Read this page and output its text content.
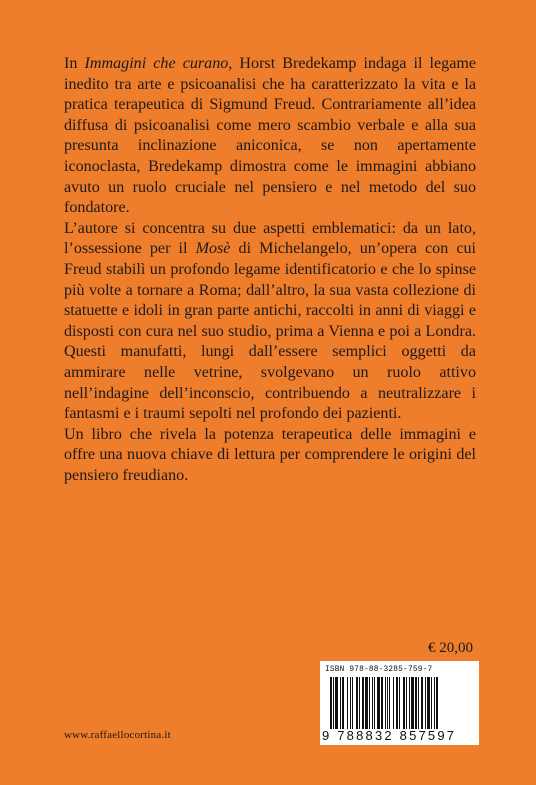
In Immagini che curano, Horst Bredekamp indaga il legame inedito tra arte e psicoanalisi che ha caratterizzato la vita e la pratica terapeutica di Sigmund Freud. Contrariamente all’idea diffusa di psicoanalisi come mero scambio verbale e alla sua presunta inclinazione aniconica, se non apertamente iconoclasta, Bredekamp dimostra come le immagini abbiano avuto un ruolo cruciale nel pensiero e nel metodo del suo fondatore.

L’autore si concentra su due aspetti emblematici: da un lato, l’ossessione per il Mosè di Michelangelo, un’opera con cui Freud stabilì un profondo legame identificatorio e che lo spinse più volte a tornare a Roma; dall’altro, la sua vasta collezione di statuette e idoli in gran parte antichi, raccolti in anni di viaggi e disposti con cura nel suo studio, prima a Vienna e poi a Londra. Questi manufatti, lungi dall’essere semplici oggetti da ammirare nelle vetrine, svolgevano un ruolo attivo nell’indagine dell’inconscio, contribuendo a neutralizzare i fantasmi e i traumi sepolti nel profondo dei pazienti.

Un libro che rivela la potenza terapeutica delle immagini e offre una nuova chiave di lettura per comprendere le origini del pensiero freudiano.

€ 20,00
ISBN 978-88-3285-759-7
9 788832 857597
www.raffaellocortina.it
